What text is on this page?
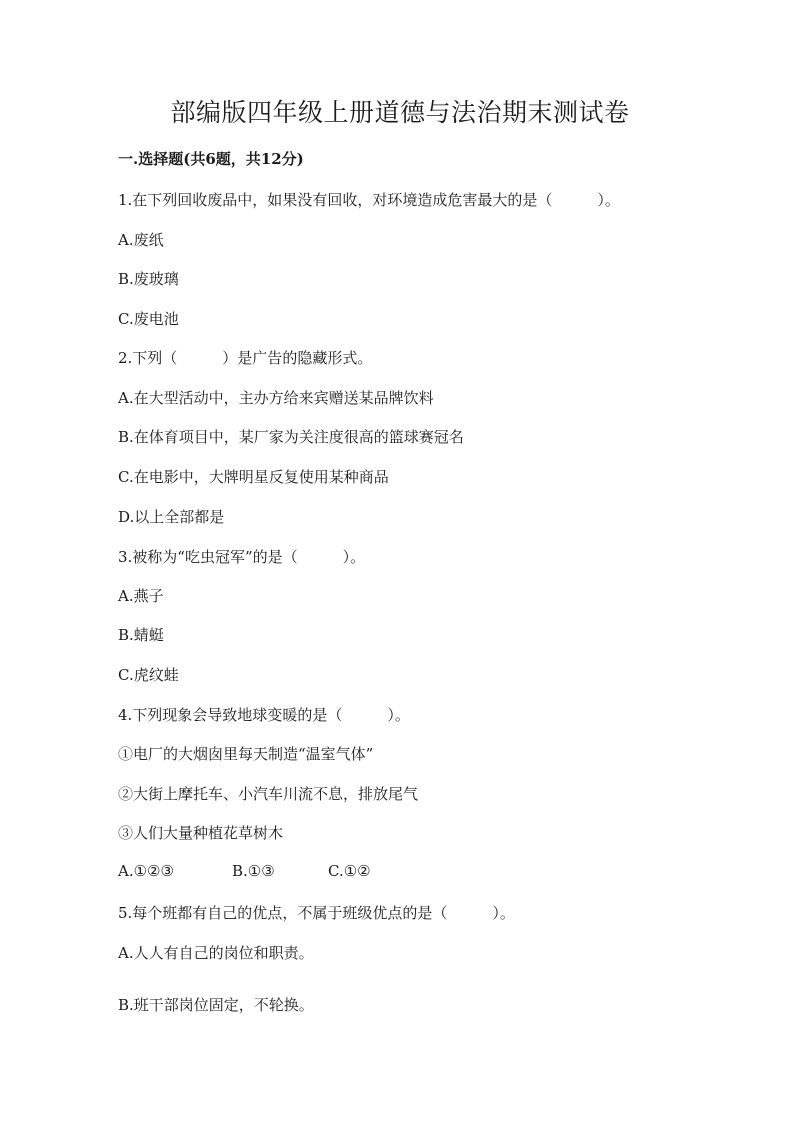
部编版四年级上册道德与法治期末测试卷

一.选择题(共6题，共12分)

1.在下列回收废品中，如果没有回收，对环境造成危害最大的是（　　　）。

A.废纸

B.废玻璃

C.废电池

2.下列（　　　）是广告的隐藏形式。

A.在大型活动中，主办方给来宾赠送某品牌饮料

B.在体育项目中，某厂家为关注度很高的篮球赛冠名

C.在电影中，大牌明星反复使用某种商品

D.以上全部都是

3.被称为“吃虫冠军”的是（　　　）。

A.燕子

B.蜻蜓

C.虎纹蛙

4.下列现象会导致地球变暖的是（　　　）。

①电厂的大烟囱里每天制造“温室气体”

②大街上摩托车、小汽车川流不息，排放尾气

③人们大量种植花草树木

A.①②③

	B.①③

	C.①②

5.每个班都有自己的优点，不属于班级优点的是（　　　）。

A.人人有自己的岗位和职责。

B.班干部岗位固定，不轮换。
